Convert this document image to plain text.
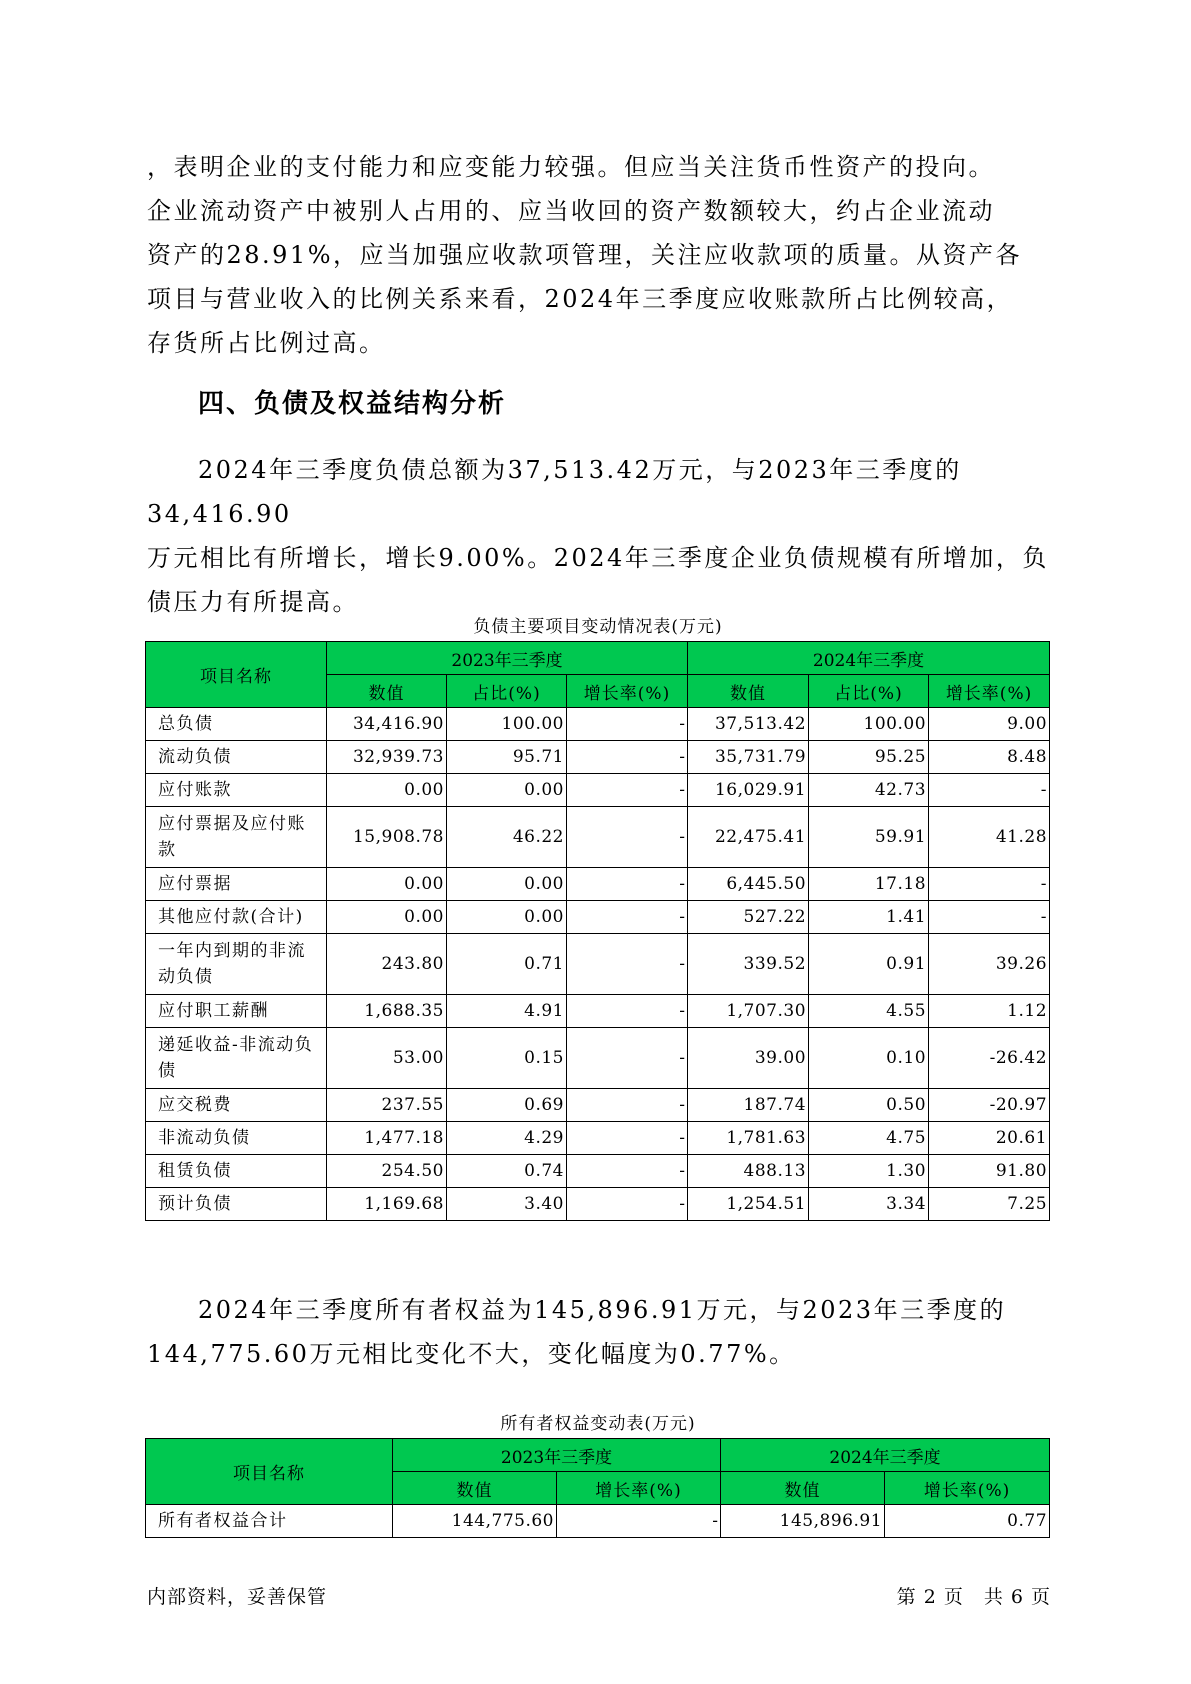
，表明企业的支付能力和应变能力较强。但应当关注货币性资产的投向。
企业流动资产中被别人占用的、应当收回的资产数额较大，约占企业流动
资产的28.91%，应当加强应收款项管理，关注应收款项的质量。从资产各
项目与营业收入的比例关系来看，2024年三季度应收账款所占比例较高，
存货所占比例过高。

四、负债及权益结构分析

2024年三季度负债总额为37,513.42万元，与2023年三季度的34,416.90
万元相比有所增长，增长9.00%。2024年三季度企业负债规模有所增加，负
债压力有所提高。

负债主要项目变动情况表(万元)
项目名称	2023年三季度			2024年三季度		
	数值	占比(%)	增长率(%)	数值	占比(%)	增长率(%)
总负债	34,416.90	100.00	-	37,513.42	100.00	9.00
流动负债	32,939.73	95.71	-	35,731.79	95.25	8.48
应付账款	0.00	0.00	-	16,029.91	42.73	-
应付票据及应付账款	15,908.78	46.22	-	22,475.41	59.91	41.28
应付票据	0.00	0.00	-	6,445.50	17.18	-
其他应付款(合计)	0.00	0.00	-	527.22	1.41	-
一年内到期的非流动负债	243.80	0.71	-	339.52	0.91	39.26
应付职工薪酬	1,688.35	4.91	-	1,707.30	4.55	1.12
递延收益-非流动负债	53.00	0.15	-	39.00	0.10	-26.42
应交税费	237.55	0.69	-	187.74	0.50	-20.97
非流动负债	1,477.18	4.29	-	1,781.63	4.75	20.61
租赁负债	254.50	0.74	-	488.13	1.30	91.80
预计负债	1,169.68	3.40	-	1,254.51	3.34	7.25

2024年三季度所有者权益为145,896.91万元，与2023年三季度的
144,775.60万元相比变化不大，变化幅度为0.77%。

所有者权益变动表(万元)
项目名称	2023年三季度		2024年三季度	
	数值	增长率(%)	数值	增长率(%)
所有者权益合计	144,775.60	-	145,896.91	0.77
内部资料，妥善保管	第 2 页　共 6 页
